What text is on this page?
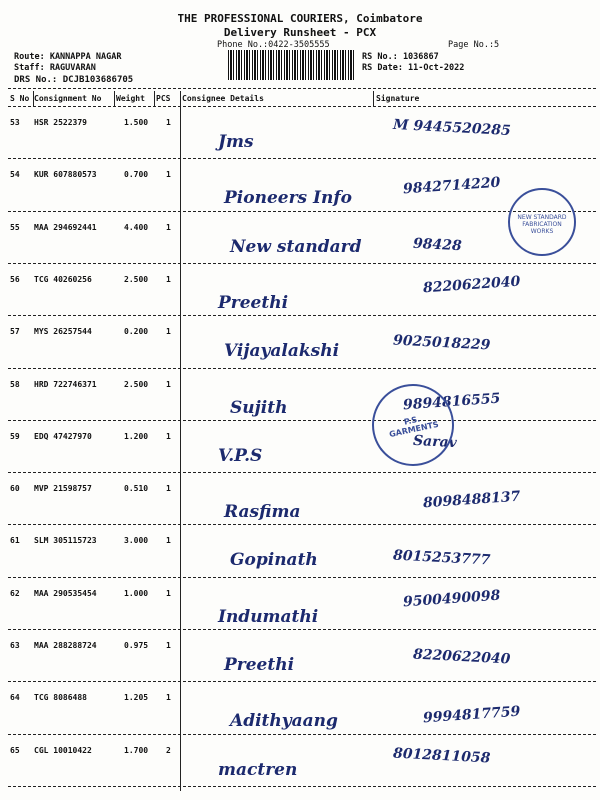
THE PROFESSIONAL COURIERS, Coimbatore
Delivery Runsheet - PCX
Phone No.:0422-3505555	Page No.:5
Route: KANNAPPA NAGAR
Staff: RAGUVARAN
DRS No.: DCJB103686705
RS No.: 1036867
RS Date: 11-Oct-2022
S No Consignment No Weight PCS Consignee Details	Signature
53 HSR 2522379	1.500 1
Jms
M 9445520285
54 KUR 607880573	0.700 1
Pioneers Info
9842714220
55 MAA 294692441	4.400 1
New standard	98428
56 TCG 40260256	2.500 1
Preethi
8220622040
57 MYS 26257544	0.200 1
Vijayalakshi	9025018229
58 HRD 722746371	2.500 1
Sujith	9894816555
59 EDQ 47427970	1.200 1
V.P.S
Sarav
60 MVP 21598757	0.510 1
Rasfima
8098488137
61 SLM 305115723	3.000 1
Gopinath	8015253777
62 MAA 290535454	1.000 1
Indumathi
9500490098
63 MAA 288288724	0.975 1
Preethi	8220622040
64 TCG 8086488	1.205 1
Adithyaang	9994817759
65 CGL 10010422	1.700 2
mactren
8012811058
NEW STANDARD FABRICATION WORKS
P.S. GARMENTS
